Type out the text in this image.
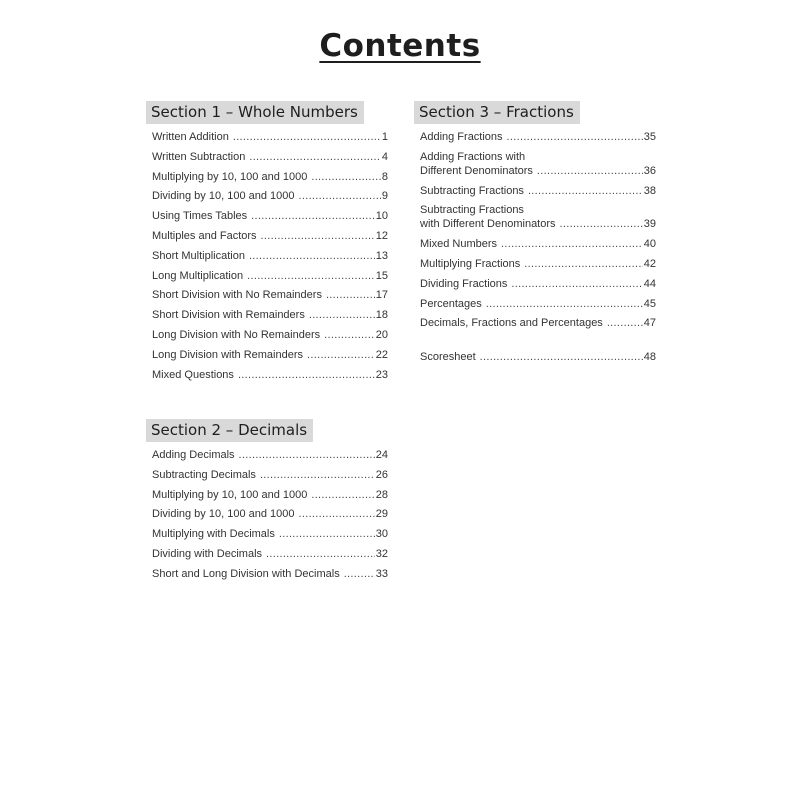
Contents
Section 1 – Whole Numbers
Written Addition .....	1
Written Subtraction .....	4
Multiplying by 10, 100 and 1000 .....	8
Dividing by 10, 100 and 1000 .....	9
Using Times Tables .....	10
Multiples and Factors .....	12
Short Multiplication .....	13
Long Multiplication .....	15
Short Division with No Remainders .....	17
Short Division with Remainders .....	18
Long Division with No Remainders .....	20
Long Division with Remainders .....	22
Mixed Questions .....	23
Section 2 – Decimals
Adding Decimals .....	24
Subtracting Decimals .....	26
Multiplying by 10, 100 and 1000 .....	28
Dividing by 10, 100 and 1000 .....	29
Multiplying with Decimals .....	30
Dividing with Decimals .....	32
Short and Long Division with Decimals .....	33
Section 3 – Fractions
Adding Fractions .....	35
Adding Fractions with
Different Denominators .....	36
Subtracting Fractions .....	38
Subtracting Fractions
with Different Denominators .....	39
Mixed Numbers .....	40
Multiplying Fractions .....	42
Dividing Fractions .....	44
Percentages .....	45
Decimals, Fractions and Percentages .....	47
Scoresheet .....	48
